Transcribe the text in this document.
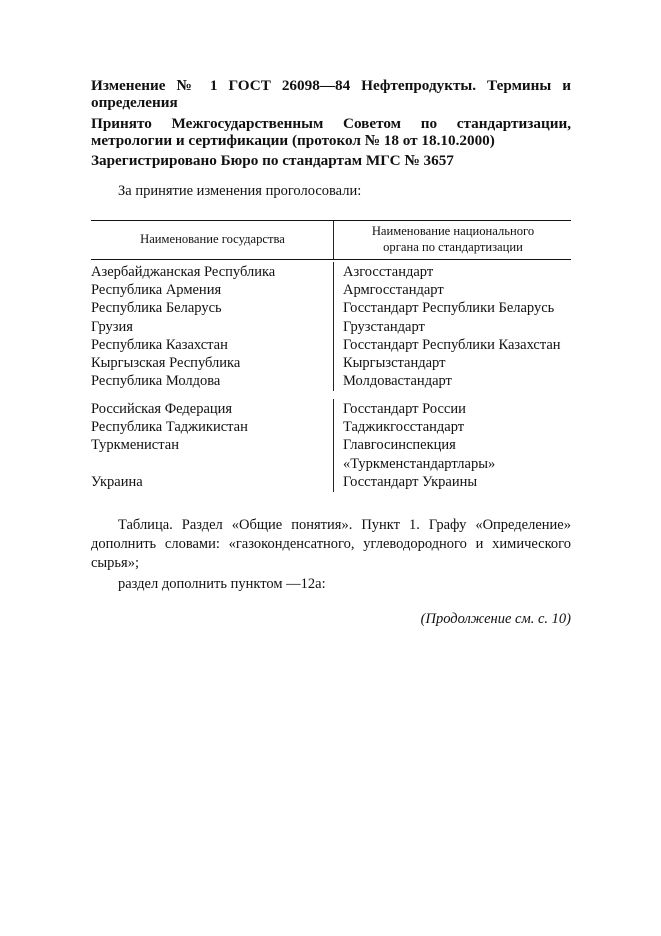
Изменение № 1 ГОСТ 26098—84 Нефтепродукты. Термины и определения
Принято Межгосударственным Советом по стандартизации, метрологии и сертификации (протокол № 18 от 18.10.2000)
Зарегистрировано Бюро по стандартам МГС № 3657
За принятие изменения проголосовали:
Наименование государства
Наименование национального
органа по стандартизации
Азербайджанская Республика
Республика Армения
Республика Беларусь
Грузия
Республика Казахстан
Кыргызская Республика
Республика Молдова
Азгосстандарт
Армгосстандарт
Госстандарт Республики Беларусь
Грузстандарт
Госстандарт Республики Казахстан
Кыргызстандарт
Молдовастандарт
Российская Федерация
Республика Таджикистан
Туркменистан
Украина
Госстандарт России
Таджикгосстандарт
Главгосинспекция «Туркменстандартлары»
Госстандарт Украины
Таблица. Раздел «Общие понятия». Пункт 1. Графу «Определение» дополнить словами: «газоконденсатного, углеводородного и химического сырья»;
раздел дополнить пунктом —12а:
(Продолжение см. с. 10)
